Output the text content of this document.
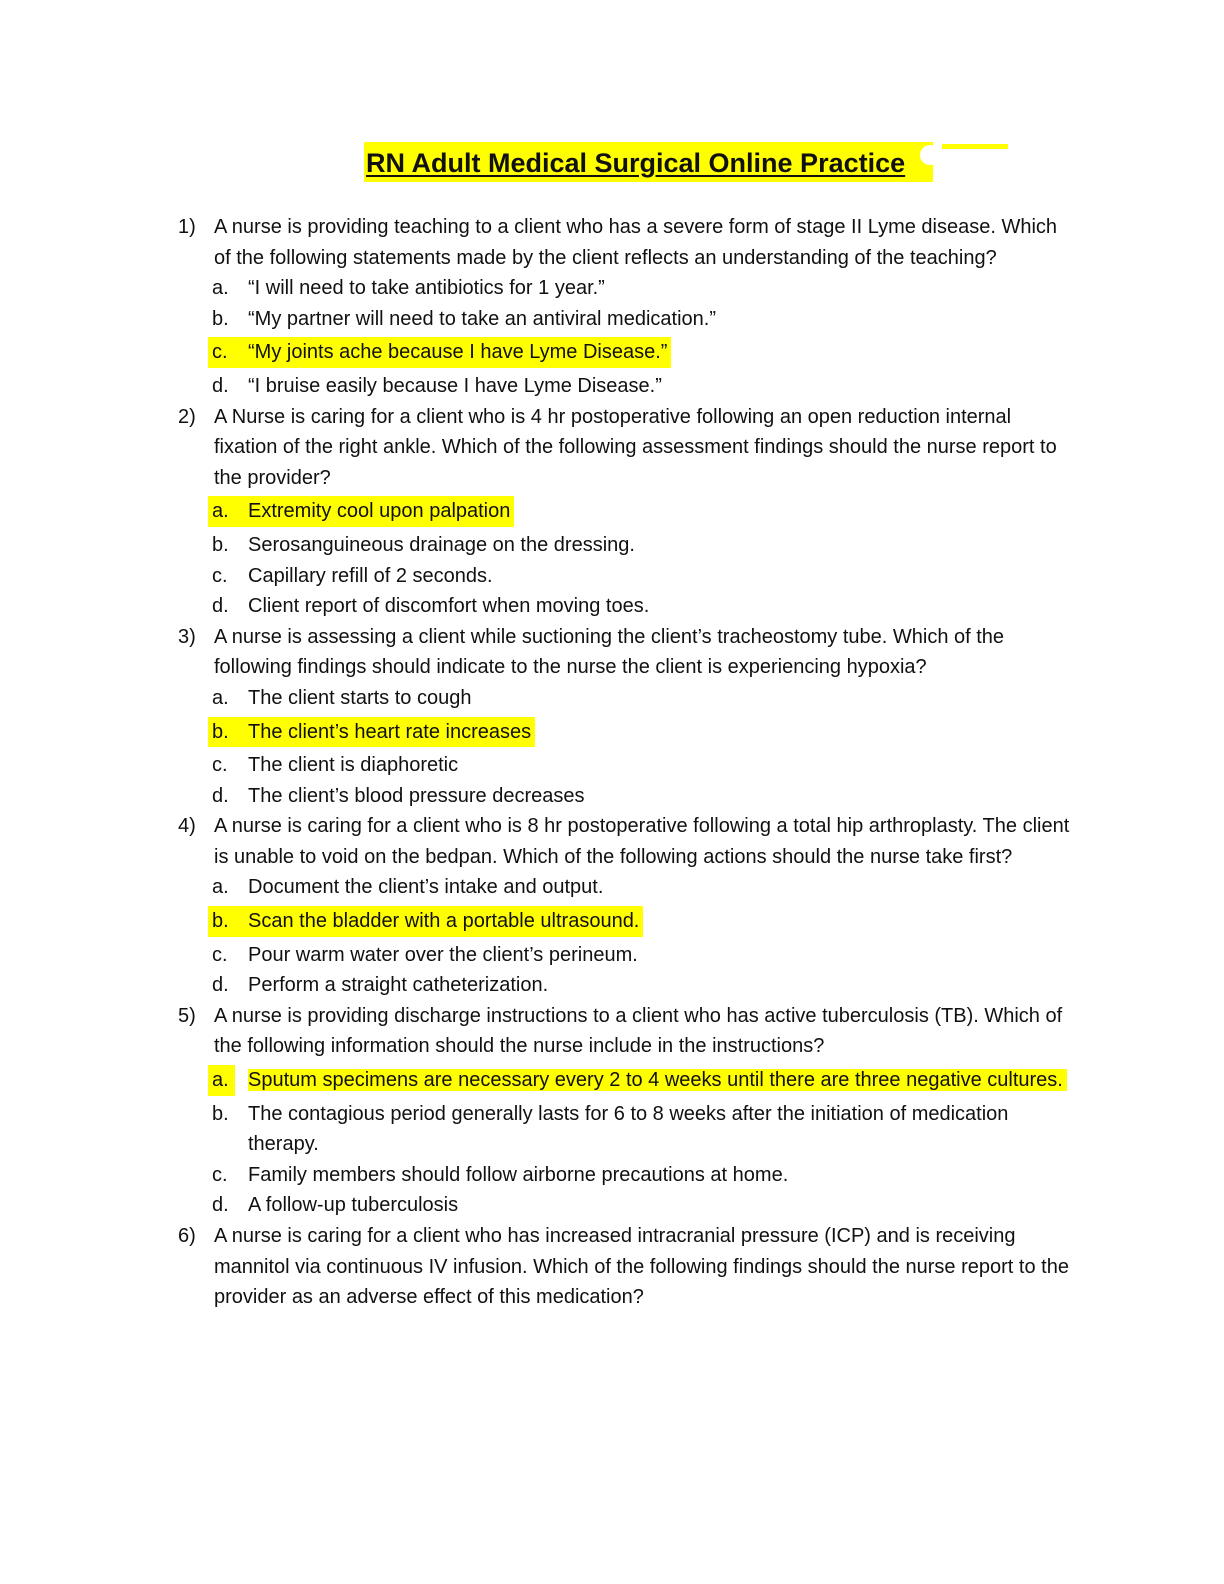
RN Adult Medical Surgical Online Practice
1) A nurse is providing teaching to a client who has a severe form of stage II Lyme disease. Which of the following statements made by the client reflects an understanding of the teaching?
a. “I will need to take antibiotics for 1 year.”
b. “My partner will need to take an antiviral medication.”
c. “My joints ache because I have Lyme Disease.”
d. “I bruise easily because I have Lyme Disease.”
2) A Nurse is caring for a client who is 4 hr postoperative following an open reduction internal fixation of the right ankle. Which of the following assessment findings should the nurse report to the provider?
a. Extremity cool upon palpation
b. Serosanguineous drainage on the dressing.
c. Capillary refill of 2 seconds.
d. Client report of discomfort when moving toes.
3) A nurse is assessing a client while suctioning the client’s tracheostomy tube. Which of the following findings should indicate to the nurse the client is experiencing hypoxia?
a. The client starts to cough
b. The client’s heart rate increases
c. The client is diaphoretic
d. The client’s blood pressure decreases
4) A nurse is caring for a client who is 8 hr postoperative following a total hip arthroplasty. The client is unable to void on the bedpan. Which of the following actions should the nurse take first?
a. Document the client’s intake and output.
b. Scan the bladder with a portable ultrasound.
c. Pour warm water over the client’s perineum.
d. Perform a straight catheterization.
5) A nurse is providing discharge instructions to a client who has active tuberculosis (TB). Which of the following information should the nurse include in the instructions?
a. Sputum specimens are necessary every 2 to 4 weeks until there are three negative cultures.
b. The contagious period generally lasts for 6 to 8 weeks after the initiation of medication therapy.
c. Family members should follow airborne precautions at home.
d. A follow-up tuberculosis
6) A nurse is caring for a client who has increased intracranial pressure (ICP) and is receiving mannitol via continuous IV infusion. Which of the following findings should the nurse report to the provider as an adverse effect of this medication?
